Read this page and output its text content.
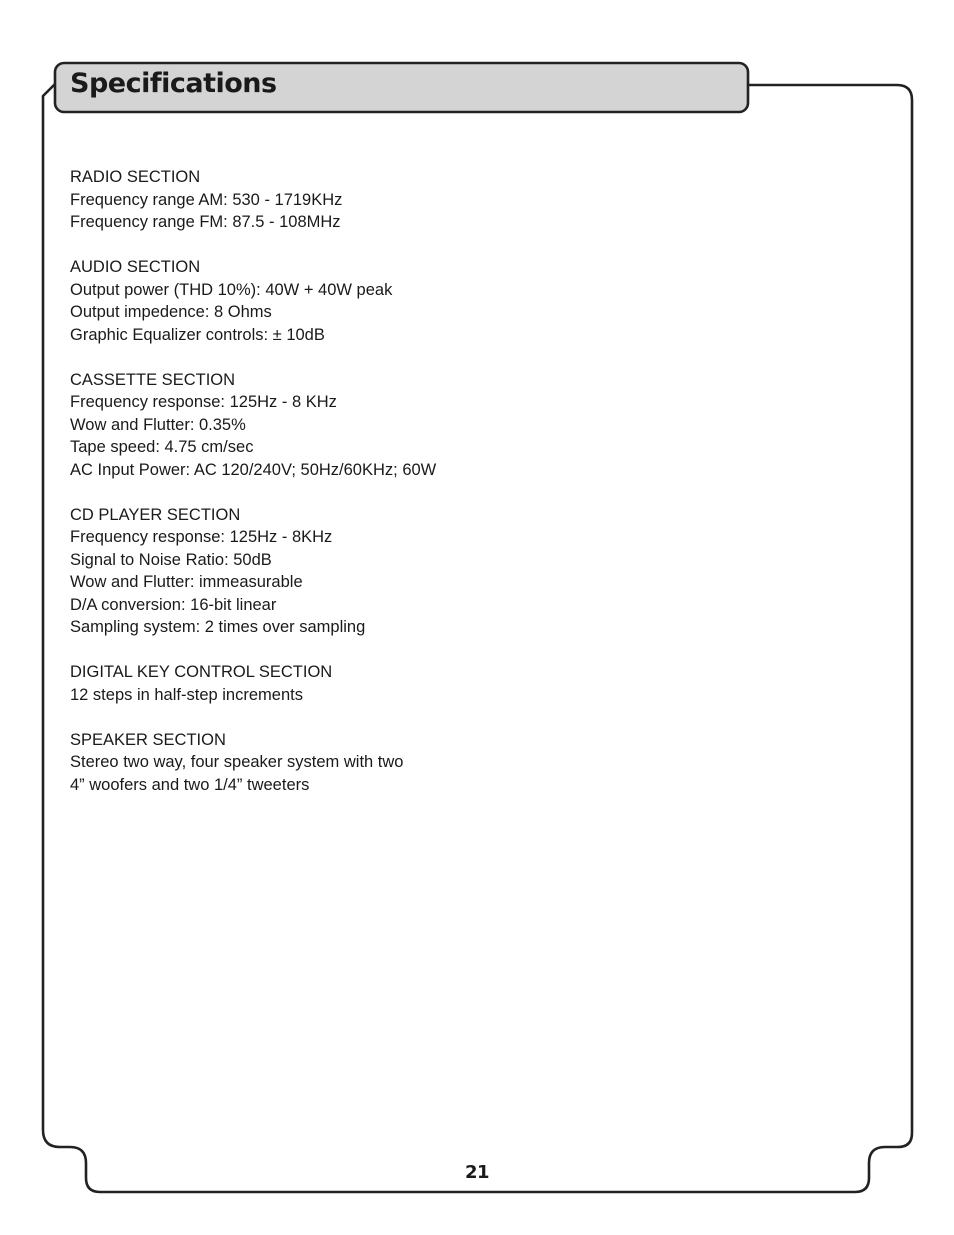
Specifications
RADIO SECTION
Frequency range AM: 530 - 1719KHz
Frequency range FM: 87.5 - 108MHz
AUDIO SECTION
Output power (THD 10%): 40W + 40W peak
Output impedence: 8 Ohms
Graphic Equalizer controls: ± 10dB
CASSETTE SECTION
Frequency response: 125Hz - 8 KHz
Wow and Flutter: 0.35%
Tape speed: 4.75 cm/sec
AC Input Power: AC 120/240V; 50Hz/60KHz; 60W
CD PLAYER SECTION
Frequency response: 125Hz - 8KHz
Signal to Noise Ratio: 50dB
Wow and Flutter: immeasurable
D/A conversion: 16-bit linear
Sampling system: 2 times over sampling
DIGITAL KEY CONTROL SECTION
12 steps in half-step increments
SPEAKER SECTION
Stereo two way, four speaker system with two
4” woofers and two 1/4” tweeters
21
